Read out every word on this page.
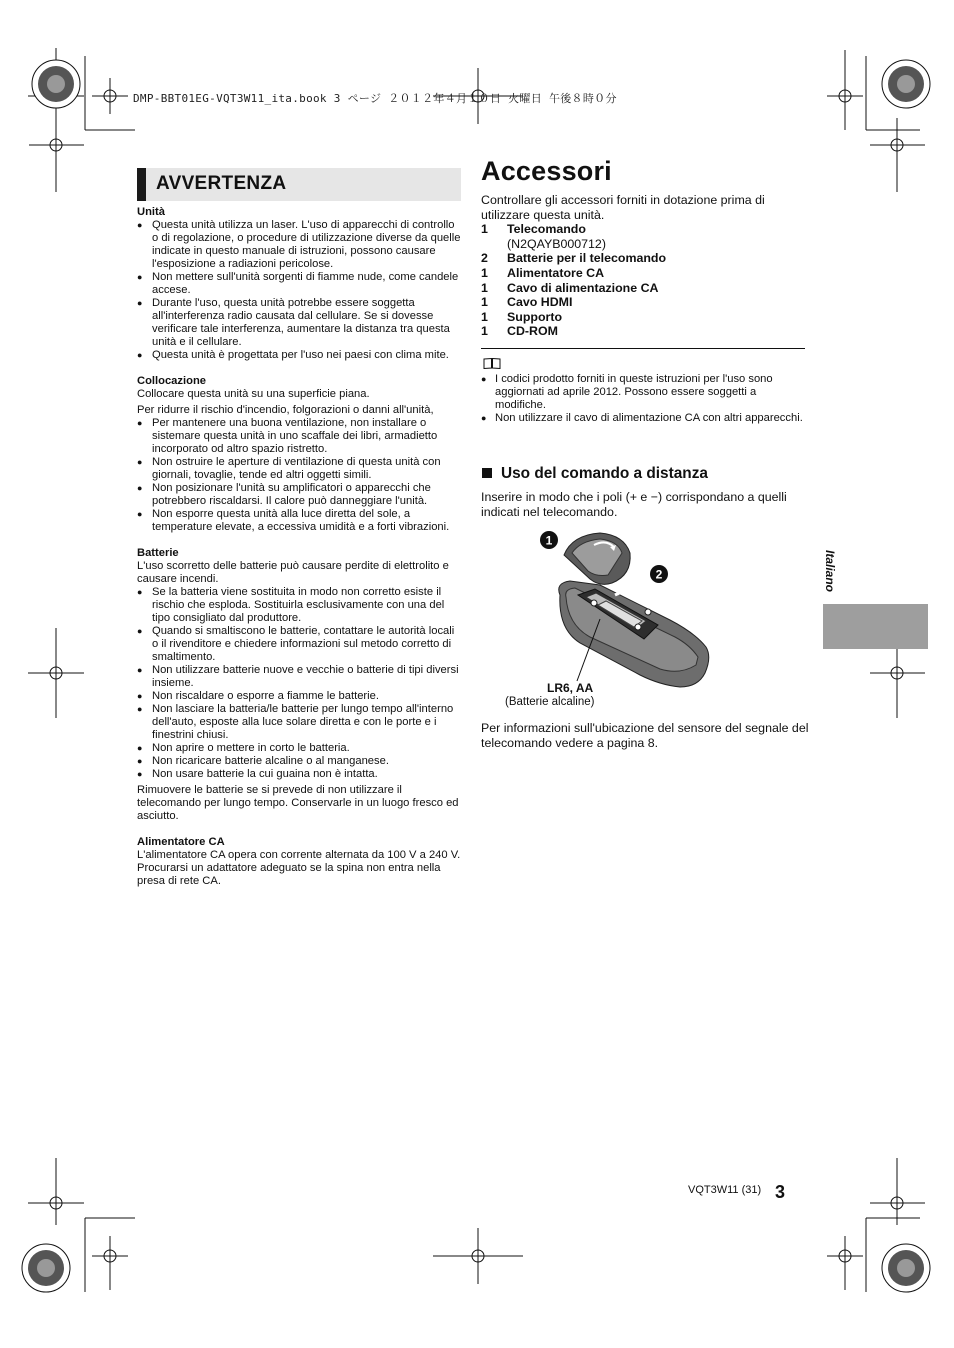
DMP-BBT01EG-VQT3W11_ita.book 3 ページ ２０１２年４月１０日 火曜日 午後８時０分
AVVERTENZA
Unità
● Questa unità utilizza un laser. L'uso di apparecchi di controllo o di regolazione, o procedure di utilizzazione diverse da quelle indicate in questo manuale di istruzioni, possono causare l'esposizione a radiazioni pericolose.
● Non mettere sull'unità sorgenti di fiamme nude, come candele accese.
● Durante l'uso, questa unità potrebbe essere soggetta all'interferenza radio causata dal cellulare. Se si dovesse verificare tale interferenza, aumentare la distanza tra questa unità e il cellulare.
● Questa unità è progettata per l'uso nei paesi con clima mite.
Collocazione

Collocare questa unità su una superficie piana.

Per ridurre il rischio d'incendio, folgorazioni o danni all'unità,

● Per mantenere una buona ventilazione, non installare o sistemare questa unità in uno scaffale dei libri, armadietto incorporato od altro spazio ristretto.
● Non ostruire le aperture di ventilazione di questa unità con giornali, tovaglie, tende ed altri oggetti simili.
● Non posizionare l'unità su amplificatori o apparecchi che potrebbero riscaldarsi. Il calore può danneggiare l'unità.
● Non esporre questa unità alla luce diretta del sole, a temperature elevate, a eccessiva umidità e a forti vibrazioni.
Batterie

L'uso scorretto delle batterie può causare perdite di elettrolito e causare incendi.

● Se la batteria viene sostituita in modo non corretto esiste il rischio che esploda. Sostituirla esclusivamente con una del tipo consigliato dal produttore.
● Quando si smaltiscono le batterie, contattare le autorità locali o il rivenditore e chiedere informazioni sul metodo corretto di smaltimento.
● Non utilizzare batterie nuove e vecchie o batterie di tipi diversi insieme.
● Non riscaldare o esporre a fiamme le batterie.
● Non lasciare la batteria/le batterie per lungo tempo all'interno dell'auto, esposte alla luce solare diretta e con le porte e i finestrini chiusi.
● Non aprire o mettere in corto le batteria.
● Non ricaricare batterie alcaline o al manganese.
● Non usare batterie la cui guaina non è intatta.

Rimuovere le batterie se si prevede di non utilizzare il telecomando per lungo tempo. Conservarle in un luogo fresco ed asciutto.

Alimentatore CA

L'alimentatore CA opera con corrente alternata da 100 V a 240 V.

Procurarsi un adattatore adeguato se la spina non entra nella presa di rete CA.

Accessori

Controllare gli accessori forniti in dotazione prima di utilizzare questa unità.

1	Telecomando
(N2QAYB000712)
2	Batterie per il telecomando
1	Alimentatore CA
1	Cavo di alimentazione CA
1	Cavo HDMI
1	Supporto
1	CD-ROM
● I codici prodotto forniti in queste istruzioni per l'uso sono aggiornati ad aprile 2012. Possono essere soggetti a modifiche.
● Non utilizzare il cavo di alimentazione CA con altri apparecchi.
Uso del comando a distanza
Inserire in modo che i poli (+ e −) corrispondano a quelli indicati nel telecomando.
1
2
LR6, AA
(Batterie alcaline)
Per informazioni sull'ubicazione del sensore del segnale del telecomando vedere a pagina 8.
Italiano
VQT3W11 (31) 3
